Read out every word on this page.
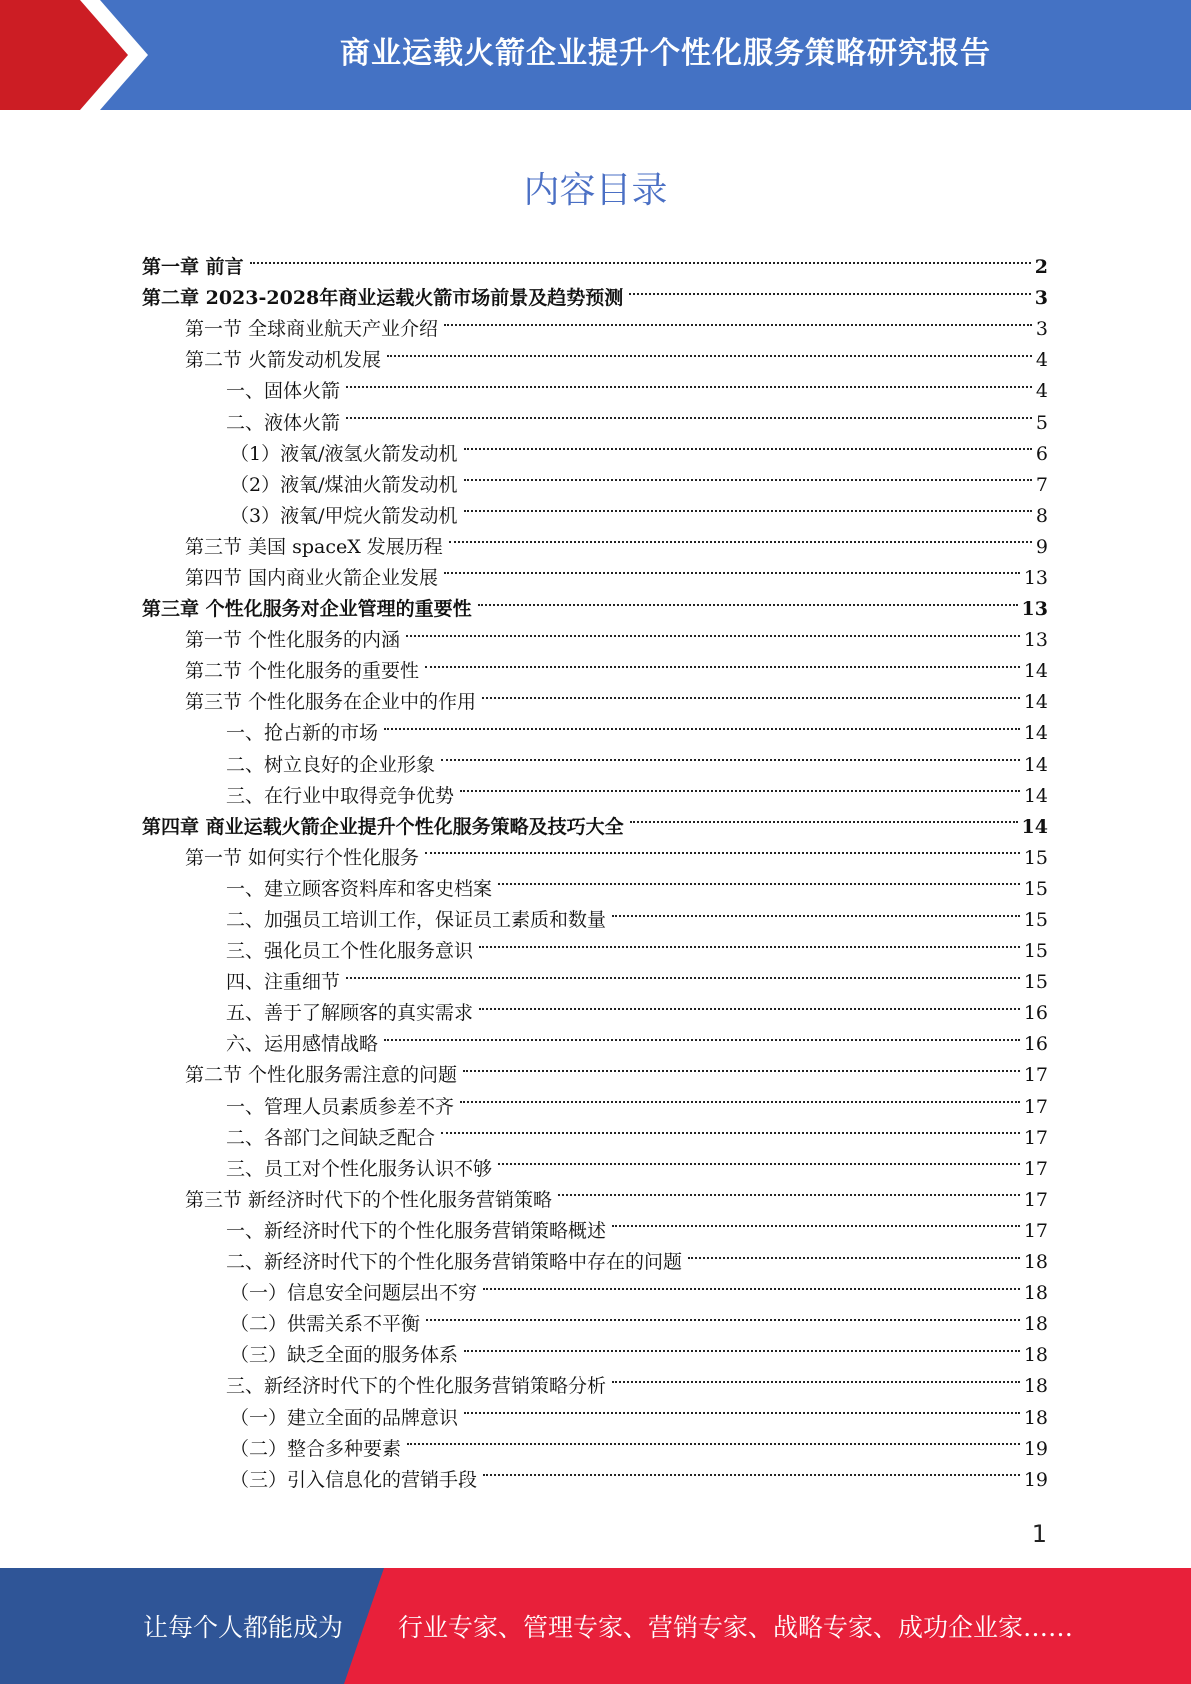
商业运载火箭企业提升个性化服务策略研究报告
内容目录
第一章 前言	2
第二章 2023-2028年商业运载火箭市场前景及趋势预测	3
第一节 全球商业航天产业介绍	3
第二节 火箭发动机发展	4
一、固体火箭	4
二、液体火箭	5
（1）液氧/液氢火箭发动机	6
（2）液氧/煤油火箭发动机	7
（3）液氧/甲烷火箭发动机	8
第三节 美国 spaceX 发展历程	9
第四节 国内商业火箭企业发展	13
第三章 个性化服务对企业管理的重要性	13
第一节 个性化服务的内涵	13
第二节 个性化服务的重要性	14
第三节 个性化服务在企业中的作用	14
一、抢占新的市场	14
二、树立良好的企业形象	14
三、在行业中取得竞争优势	14
第四章 商业运载火箭企业提升个性化服务策略及技巧大全	14
第一节 如何实行个性化服务	15
一、建立顾客资料库和客史档案	15
二、加强员工培训工作，保证员工素质和数量	15
三、强化员工个性化服务意识	15
四、注重细节	15
五、善于了解顾客的真实需求	16
六、运用感情战略	16
第二节 个性化服务需注意的问题	17
一、管理人员素质参差不齐	17
二、各部门之间缺乏配合	17
三、员工对个性化服务认识不够	17
第三节 新经济时代下的个性化服务营销策略	17
一、新经济时代下的个性化服务营销策略概述	17
二、新经济时代下的个性化服务营销策略中存在的问题	18
（一）信息安全问题层出不穷	18
（二）供需关系不平衡	18
（三）缺乏全面的服务体系	18
三、新经济时代下的个性化服务营销策略分析	18
（一）建立全面的品牌意识	18
（二）整合多种要素	19
（三）引入信息化的营销手段	19
1
让每个人都能成为 行业专家、管理专家、营销专家、战略专家、成功企业家……
